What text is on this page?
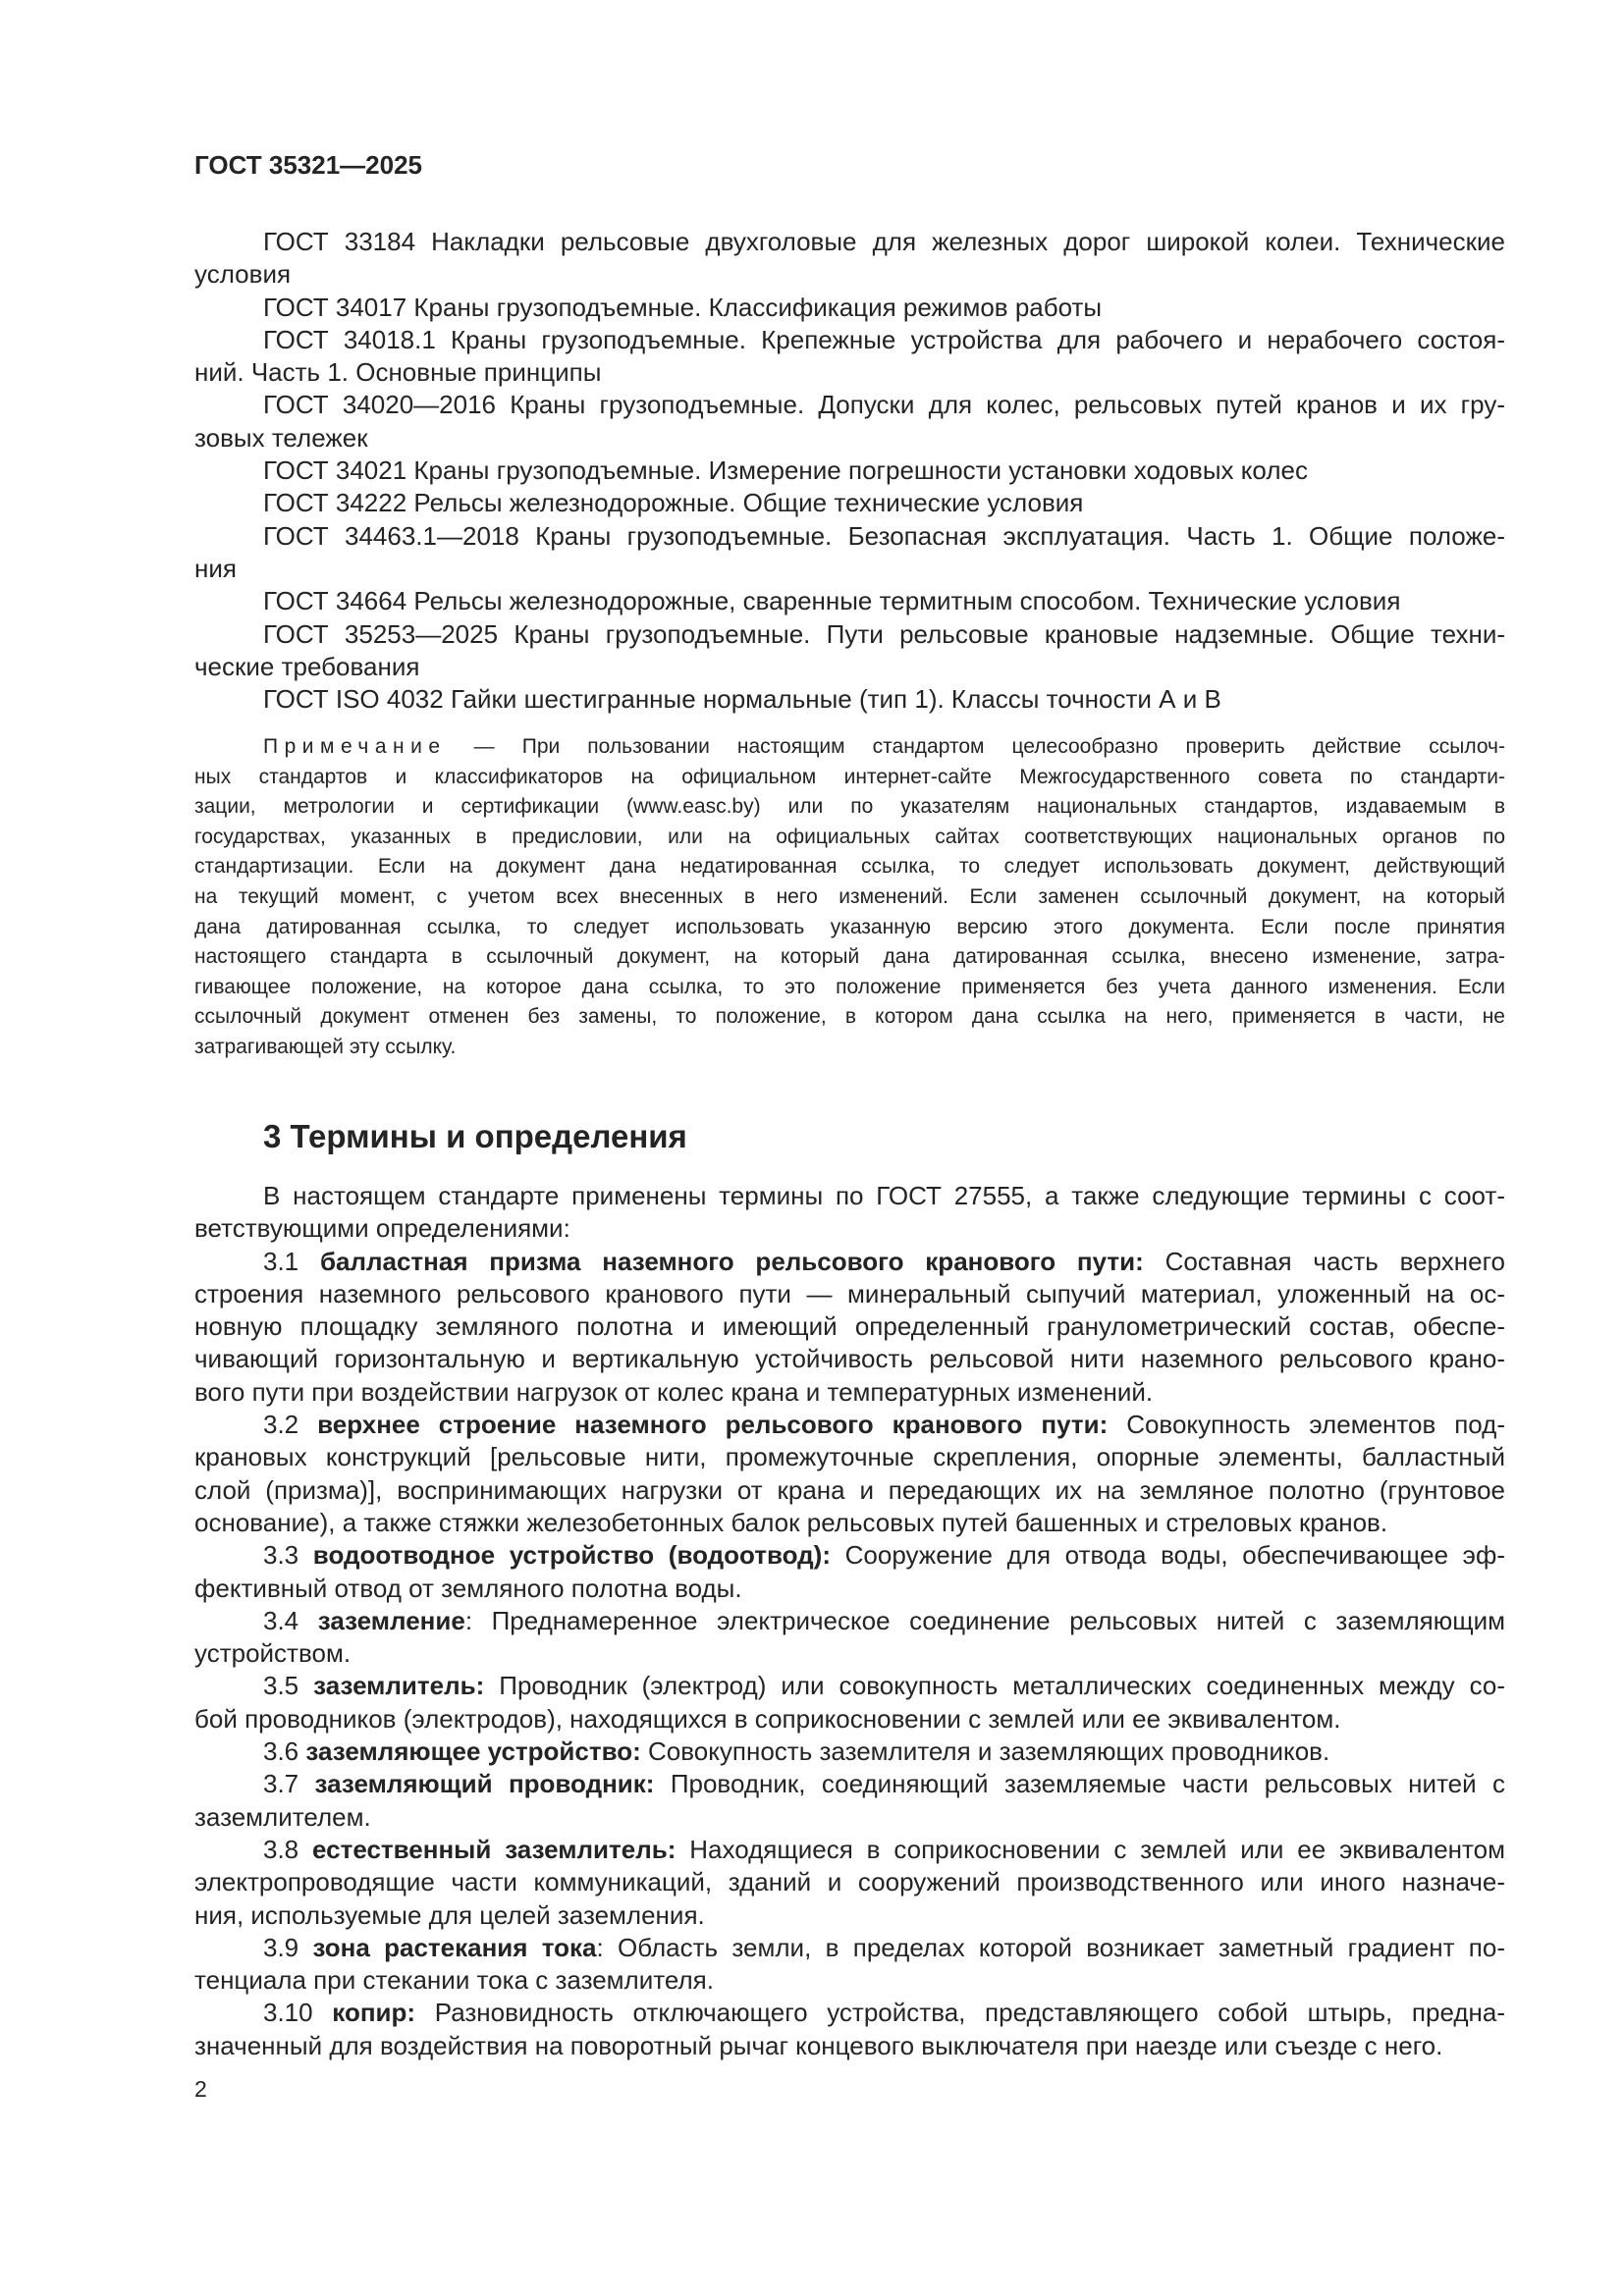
ГОСТ 35321—2025
ГОСТ 33184 Накладки рельсовые двухголовые для железных дорог широкой колеи. Технические
условия
ГОСТ 34017 Краны грузоподъемные. Классификация режимов работы
ГОСТ 34018.1 Краны грузоподъемные. Крепежные устройства для рабочего и нерабочего состоя-
ний. Часть 1. Основные принципы
ГОСТ 34020—2016 Краны грузоподъемные. Допуски для колес, рельсовых путей кранов и их гру-
зовых тележек
ГОСТ 34021 Краны грузоподъемные. Измерение погрешности установки ходовых колес
ГОСТ 34222 Рельсы железнодорожные. Общие технические условия
ГОСТ 34463.1—2018 Краны грузоподъемные. Безопасная эксплуатация. Часть 1. Общие положе-
ния
ГОСТ 34664 Рельсы железнодорожные, сваренные термитным способом. Технические условия
ГОСТ 35253—2025 Краны грузоподъемные. Пути рельсовые крановые надземные. Общие техни-
ческие требования
ГОСТ ISO 4032 Гайки шестигранные нормальные (тип 1). Классы точности А и В
Примечание — При пользовании настоящим стандартом целесообразно проверить действие ссылоч-
ных стандартов и классификаторов на официальном интернет-сайте Межгосударственного совета по стандарти-
зации, метрологии и сертификации (www.easc.by) или по указателям национальных стандартов, издаваемым в
государствах, указанных в предисловии, или на официальных сайтах соответствующих национальных органов по
стандартизации. Если на документ дана недатированная ссылка, то следует использовать документ, действующий
на текущий момент, с учетом всех внесенных в него изменений. Если заменен ссылочный документ, на который
дана датированная ссылка, то следует использовать указанную версию этого документа. Если после принятия
настоящего стандарта в ссылочный документ, на который дана датированная ссылка, внесено изменение, затра-
гивающее положение, на которое дана ссылка, то это положение применяется без учета данного изменения. Если
ссылочный документ отменен без замены, то положение, в котором дана ссылка на него, применяется в части, не
затрагивающей эту ссылку.
3 Термины и определения
В настоящем стандарте применены термины по ГОСТ 27555, а также следующие термины с соот-
ветствующими определениями:
3.1 балластная призма наземного рельсового кранового пути: Составная часть верхнего
строения наземного рельсового кранового пути — минеральный сыпучий материал, уложенный на ос-
новную площадку земляного полотна и имеющий определенный гранулометрический состав, обеспе-
чивающий горизонтальную и вертикальную устойчивость рельсовой нити наземного рельсового крано-
вого пути при воздействии нагрузок от колес крана и температурных изменений.
3.2 верхнее строение наземного рельсового кранового пути: Совокупность элементов под-
крановых конструкций [рельсовые нити, промежуточные скрепления, опорные элементы, балластный
слой (призма)], воспринимающих нагрузки от крана и передающих их на земляное полотно (грунтовое
основание), а также стяжки железобетонных балок рельсовых путей башенных и стреловых кранов.
3.3 водоотводное устройство (водоотвод): Сооружение для отвода воды, обеспечивающее эф-
фективный отвод от земляного полотна воды.
3.4 заземление: Преднамеренное электрическое соединение рельсовых нитей с заземляющим
устройством.
3.5 заземлитель: Проводник (электрод) или совокупность металлических соединенных между со-
бой проводников (электродов), находящихся в соприкосновении с землей или ее эквивалентом.
3.6 заземляющее устройство: Совокупность заземлителя и заземляющих проводников.
3.7 заземляющий проводник: Проводник, соединяющий заземляемые части рельсовых нитей с
заземлителем.
3.8 естественный заземлитель: Находящиеся в соприкосновении с землей или ее эквивалентом
электропроводящие части коммуникаций, зданий и сооружений производственного или иного назначе-
ния, используемые для целей заземления.
3.9 зона растекания тока: Область земли, в пределах которой возникает заметный градиент по-
тенциала при стекании тока с заземлителя.
3.10 копир: Разновидность отключающего устройства, представляющего собой штырь, предна-
значенный для воздействия на поворотный рычаг концевого выключателя при наезде или съезде с него.
2
